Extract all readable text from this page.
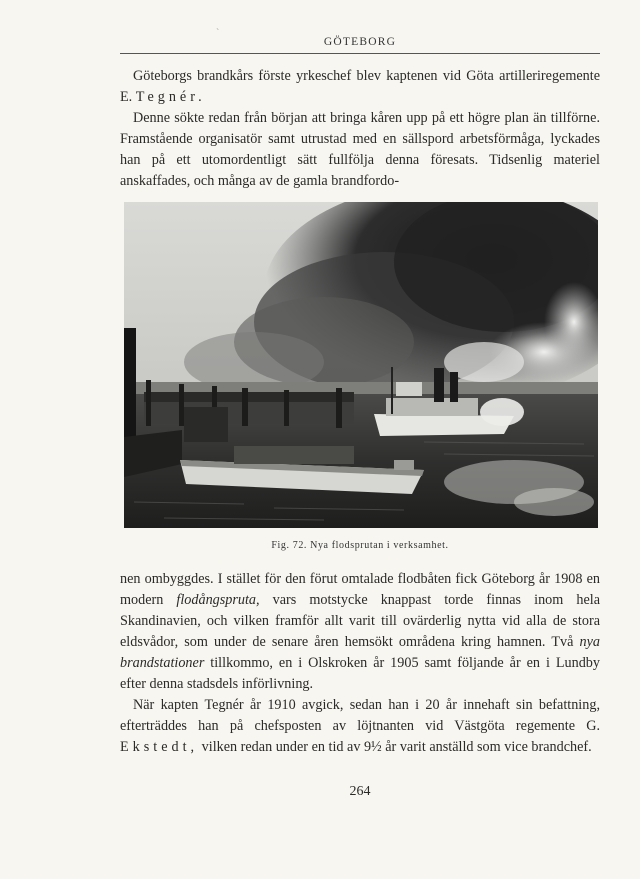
ˋ
GÖTEBORG

Göteborgs brandkårs förste yrkeschef blev kaptenen vid Göta artilleriregemente E. Tegnér.

Denne sökte redan från början att bringa kåren upp på ett högre plan än tillförne. Framstående organisatör samt utrustad med en sällspord arbetsförmåga, lyckades han på ett utomordentligt sätt fullfölja denna föresats. Tidsenlig materiel anskaffades, och många av de gamla brandfordo-

Fig. 72. Nya flodsprutan i verksamhet.

nen ombyggdes. I stället för den förut omtalade flodbåten fick Göteborg år 1908 en modern flodångspruta, vars motstycke knappast torde finnas inom hela Skandinavien, och vilken framför allt varit till ovärderlig nytta vid alla de stora eldsvådor, som under de senare åren hemsökt områdena kring hamnen. Två nya brandstationer tillkommo, en i Olskroken år 1905 samt följande år en i Lundby efter denna stadsdels införlivning.

När kapten Tegnér år 1910 avgick, sedan han i 20 år innehaft sin befattning, efterträddes han på chefsposten av löjtnanten vid Västgöta regemente G. Ekstedt, vilken redan under en tid av 9½ år varit anställd som vice brandchef.

264
